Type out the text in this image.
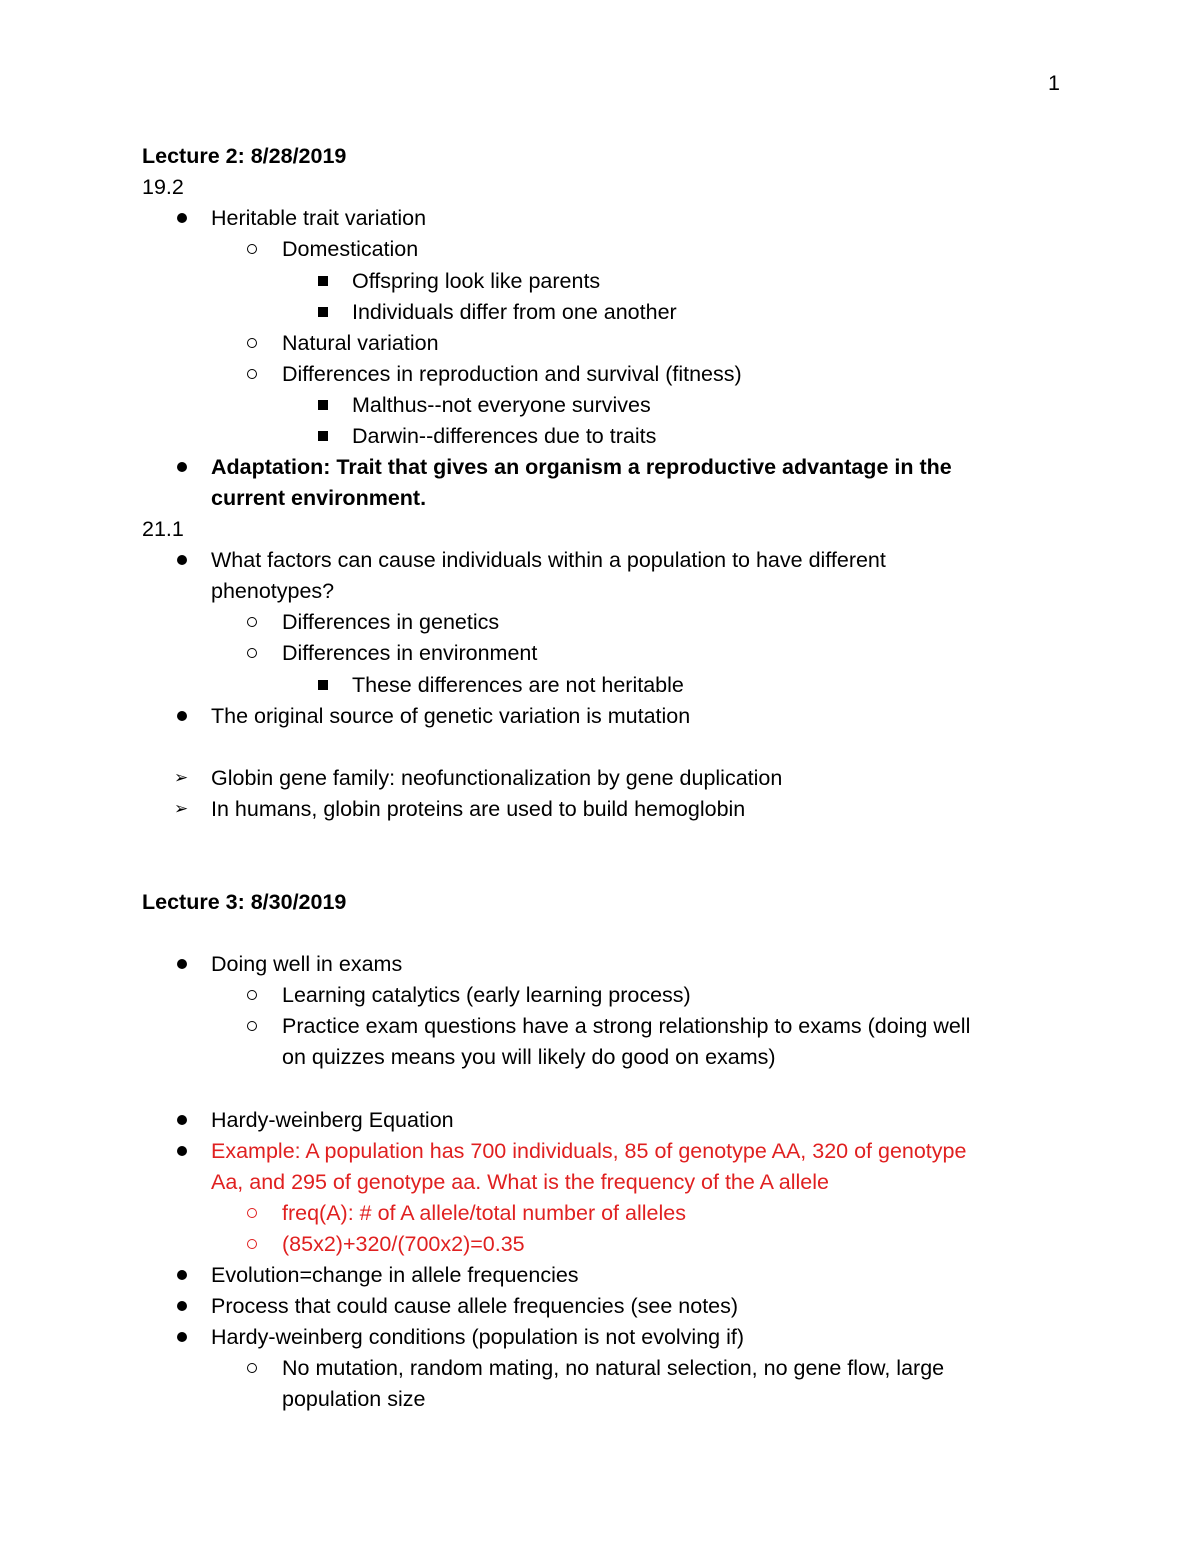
1
Lecture 2: 8/28/2019
19.2
Heritable trait variation
Domestication
Offspring look like parents
Individuals differ from one another
Natural variation
Differences in reproduction and survival (fitness)
Malthus--not everyone survives
Darwin--differences due to traits
Adaptation: Trait that gives an organism a reproductive advantage in the
current environment.
21.1
What factors can cause individuals within a population to have different
phenotypes?
Differences in genetics
Differences in environment
These differences are not heritable
The original source of genetic variation is mutation
➢ Globin gene family: neofunctionalization by gene duplication
➢ In humans, globin proteins are used to build hemoglobin
Lecture 3: 8/30/2019
Doing well in exams
Learning catalytics (early learning process)
Practice exam questions have a strong relationship to exams (doing well
on quizzes means you will likely do good on exams)
Hardy-weinberg Equation
Example: A population has 700 individuals, 85 of genotype AA, 320 of genotype
Aa, and 295 of genotype aa. What is the frequency of the A allele
freq(A): # of A allele/total number of alleles
(85x2)+320/(700x2)=0.35
Evolution=change in allele frequencies
Process that could cause allele frequencies (see notes)
Hardy-weinberg conditions (population is not evolving if)
No mutation, random mating, no natural selection, no gene flow, large
population size
